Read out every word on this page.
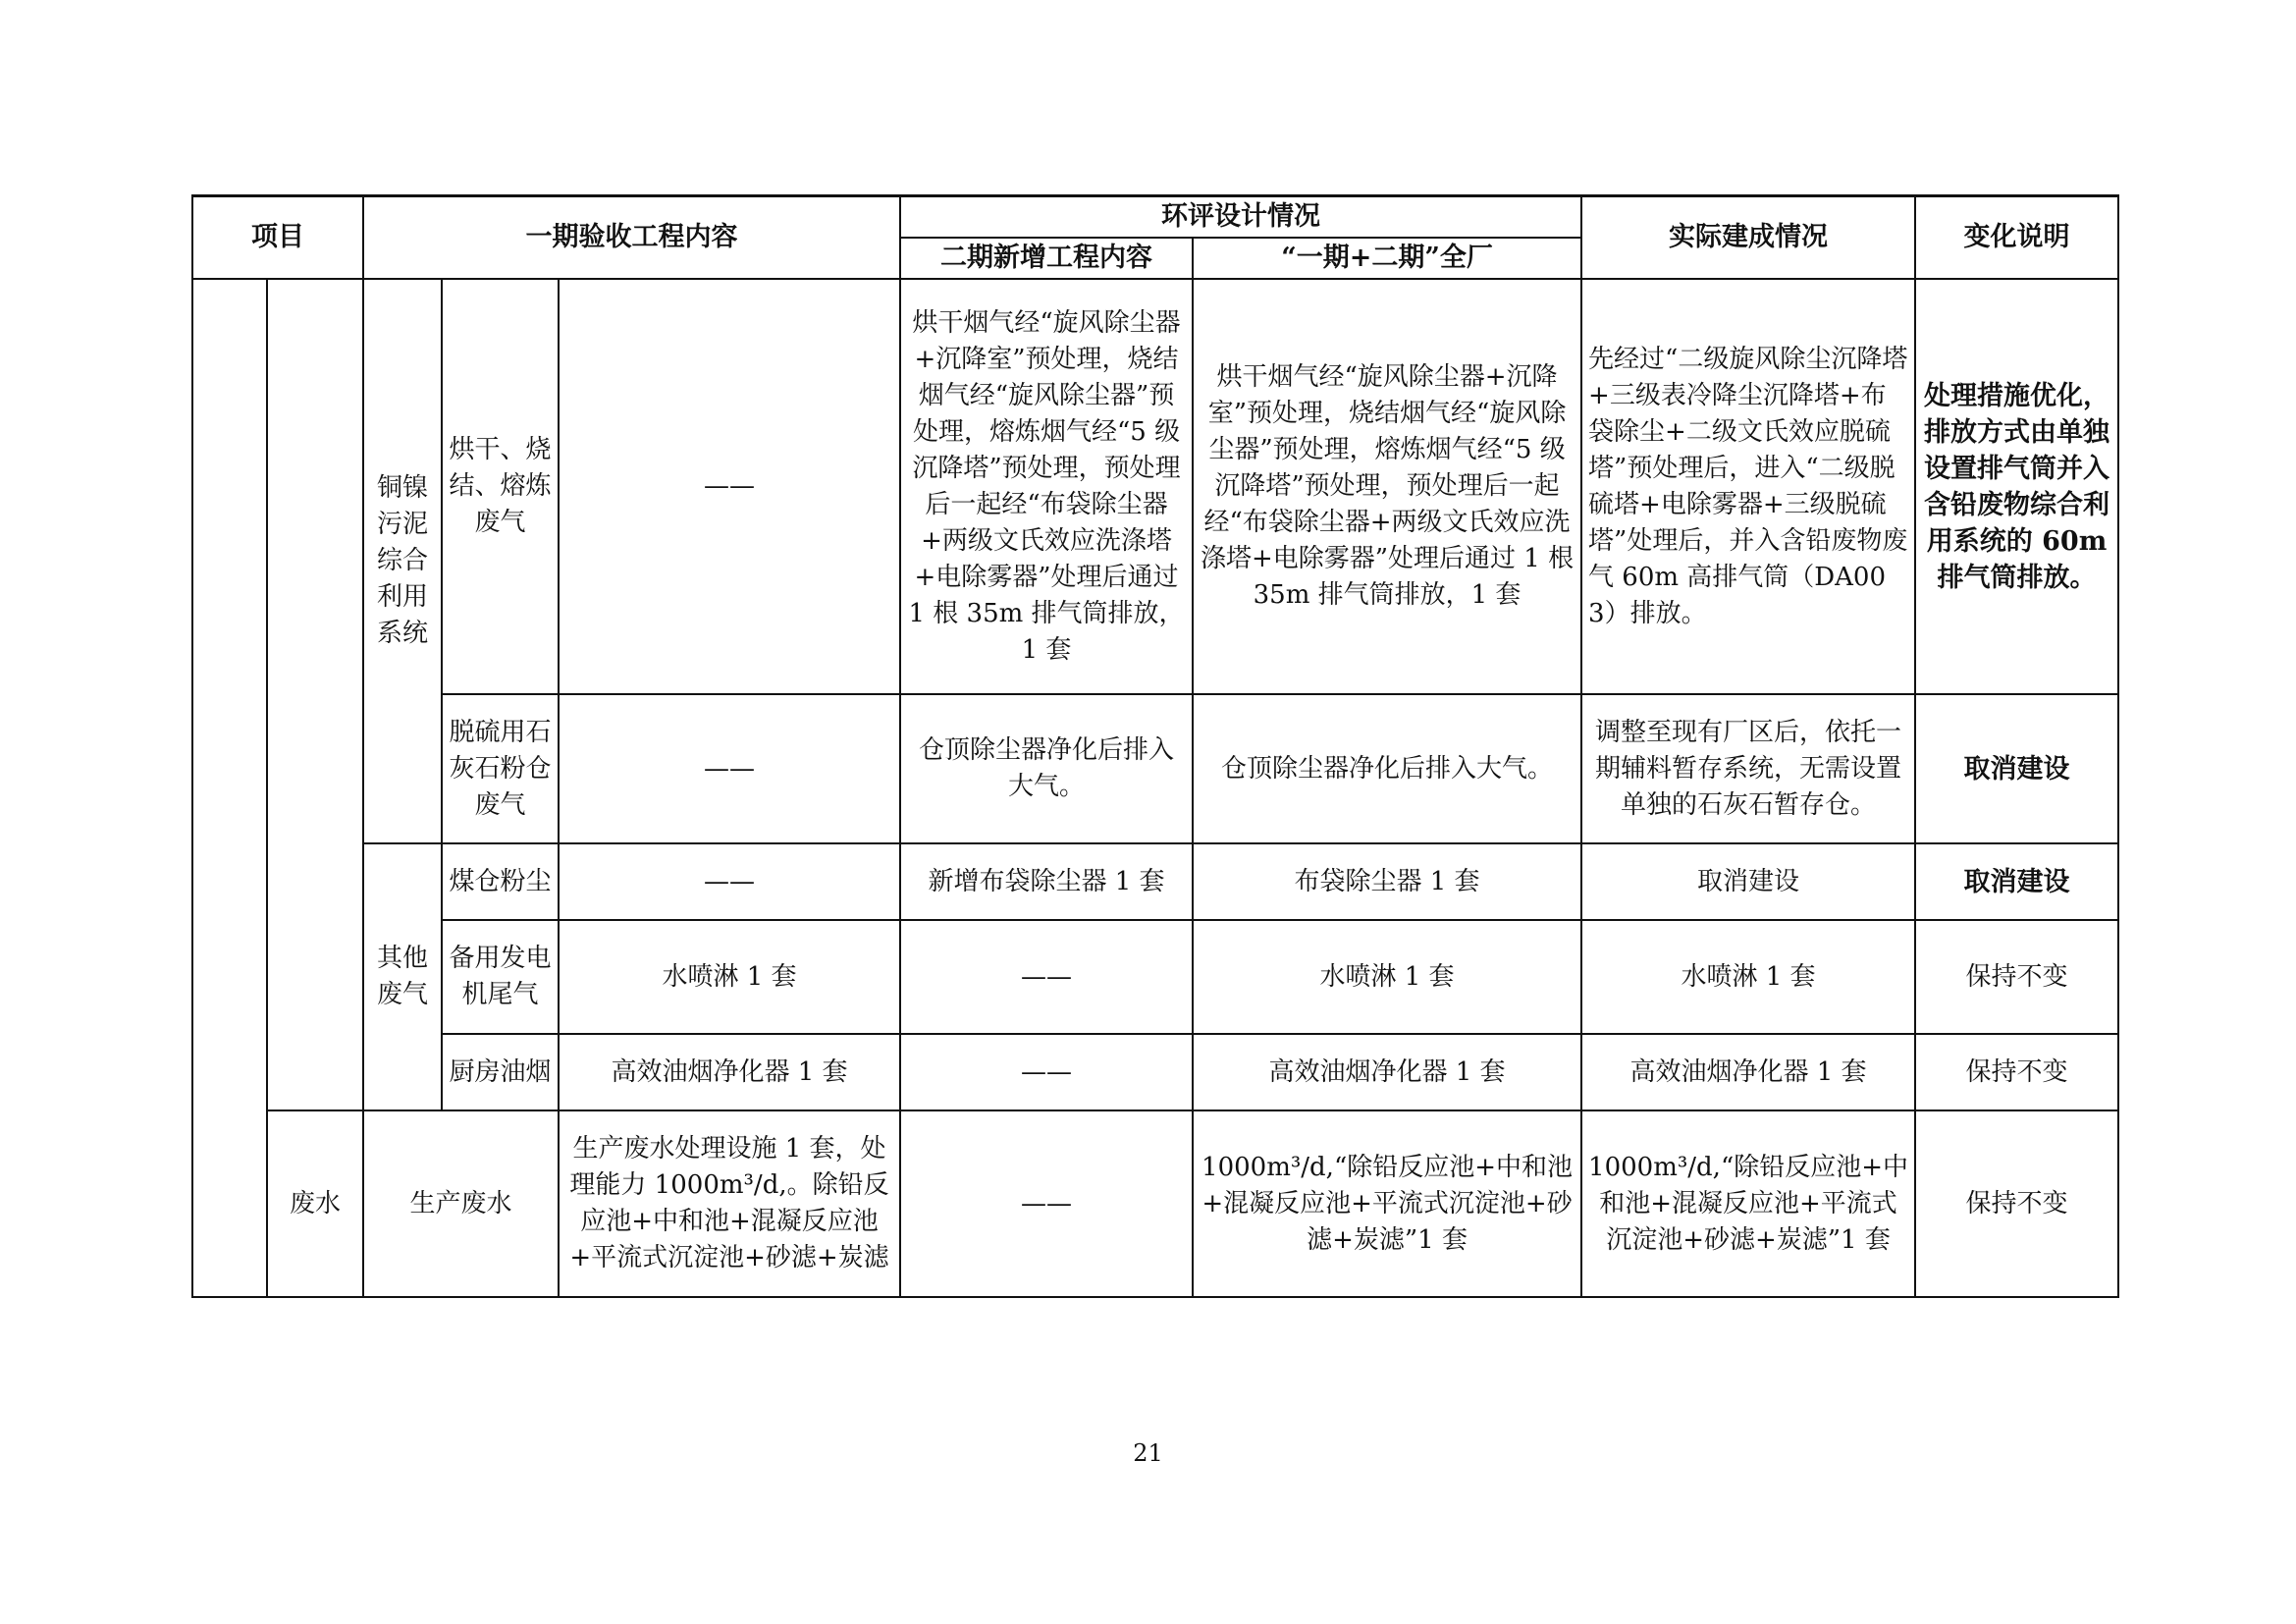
项目		一期验收工程内容			环评设计情况		实际建成情况	变化说明
					二期新增工程内容	“一期+二期”全厂		
		铜镍污泥综合利用系统	烘干、烧结、熔炼废气	——	烘干烟气经“旋风除尘器+沉降室”预处理，烧结烟气经“旋风除尘器”预处理，熔炼烟气经“5 级沉降塔”预处理，预处理后一起经“布袋除尘器+两级文氏效应洗涤塔+电除雾器”处理后通过 1 根 35m 排气筒排放， 1 套	烘干烟气经“旋风除尘器+沉降室”预处理，烧结烟气经“旋风除尘器”预处理，熔炼烟气经“5 级沉降塔”预处理，预处理后一起经“布袋除尘器+两级文氏效应洗涤塔+电除雾器”处理后通过 1 根 35m 排气筒排放，1 套	先经过“二级旋风除尘沉降塔+三级表冷降尘沉降塔+布袋除尘+二级文氏效应脱硫塔”预处理后，进入“二级脱硫塔+电除雾器+三级脱硫塔”处理后，并入含铅废物废气 60m 高排气筒（DA003）排放。	处理措施优化，排放方式由单独设置排气筒并入含铅废物综合利用系统的 60m 排气筒排放。
			脱硫用石灰石粉仓废气	——	仓顶除尘器净化后排入大气。	仓顶除尘器净化后排入大气。	调整至现有厂区后，依托一期辅料暂存系统，无需设置单独的石灰石暂存仓。	取消建设
		其他废气	煤仓粉尘	——	新增布袋除尘器 1 套	布袋除尘器 1 套	取消建设	取消建设
			备用发电机尾气	水喷淋 1 套	——	水喷淋 1 套	水喷淋 1 套	保持不变
			厨房油烟	高效油烟净化器 1 套	——	高效油烟净化器 1 套	高效油烟净化器 1 套	保持不变
	废水	生产废水		生产废水处理设施 1 套，处理能力 1000m³/d,。除铅反应池+中和池+混凝反应池+平流式沉淀池+砂滤+炭滤	——	1000m³/d,“除铅反应池+中和池+混凝反应池+平流式沉淀池+砂滤+炭滤”1 套	1000m³/d,“除铅反应池+中和池+混凝反应池+平流式沉淀池+砂滤+炭滤”1 套	保持不变
21
